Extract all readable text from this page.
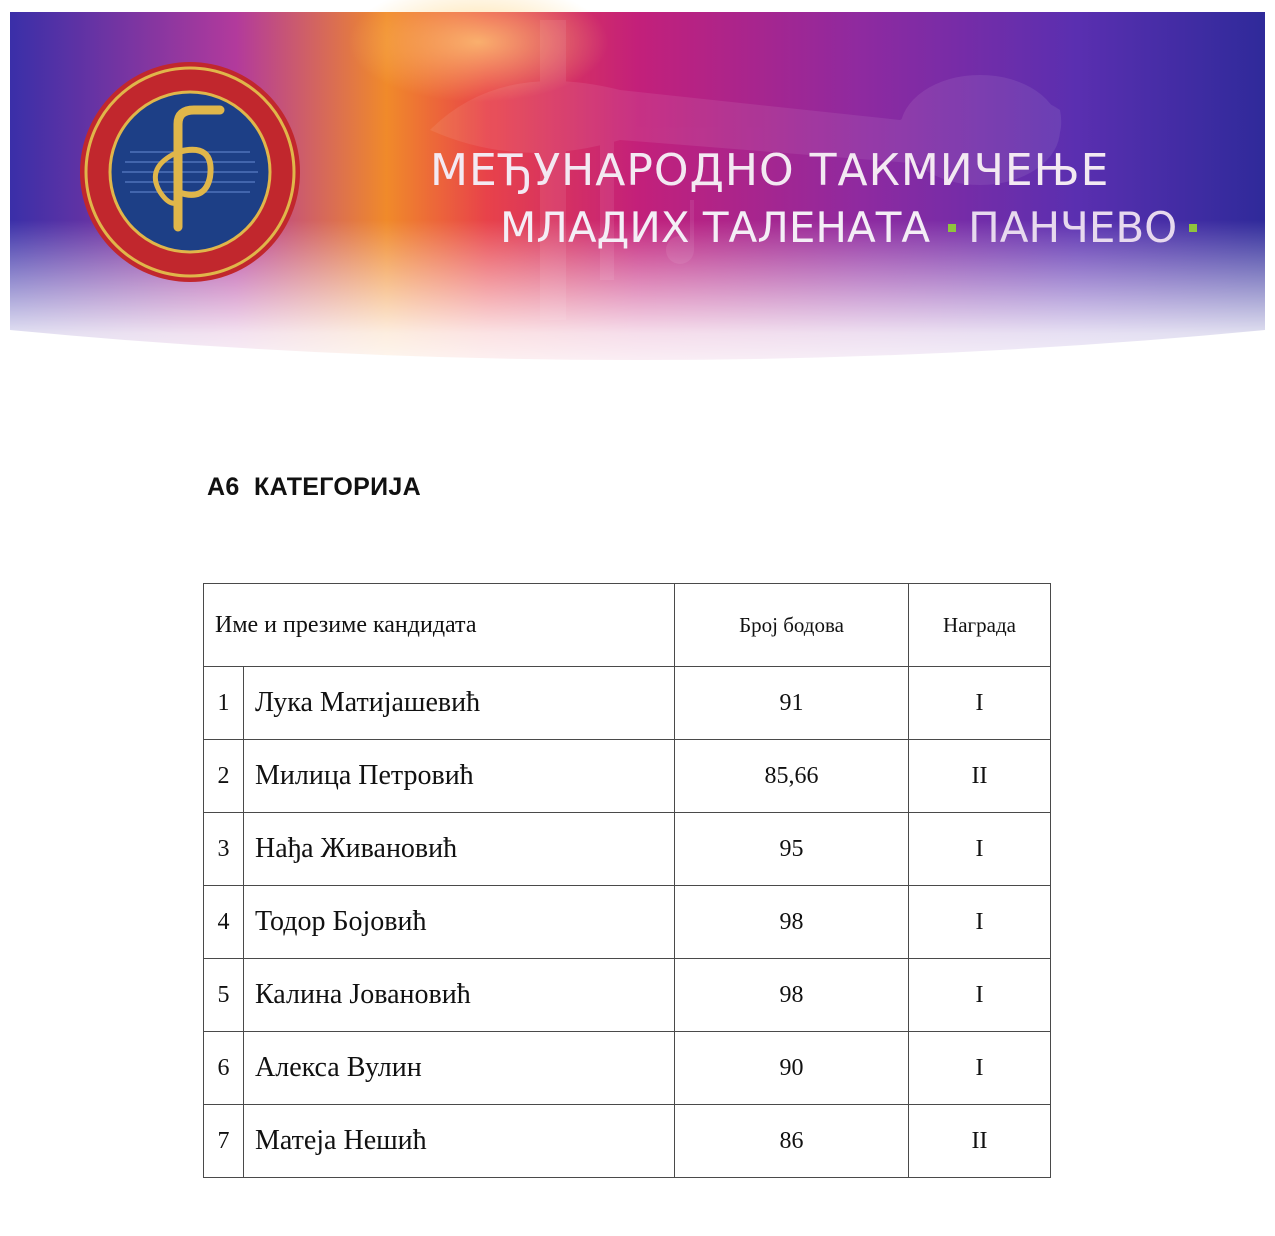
МЕЂУНАРОДНО ТАКМИЧЕЊЕ
МЛАДИХ ТАЛЕНАТА ПАНЧЕВО
А6  КАТЕГОРИЈА
Име и презиме кандидата		Број бодова	Награда
1	Лука Матијашевић	91	I
2	Милица Петровић	85,66	II
3	Нађа Живановић	95	I
4	Тодор Бојовић	98	I
5	Калина Јовановић	98	I
6	Алекса Вулин	90	I
7	Матеја Нешић	86	II
